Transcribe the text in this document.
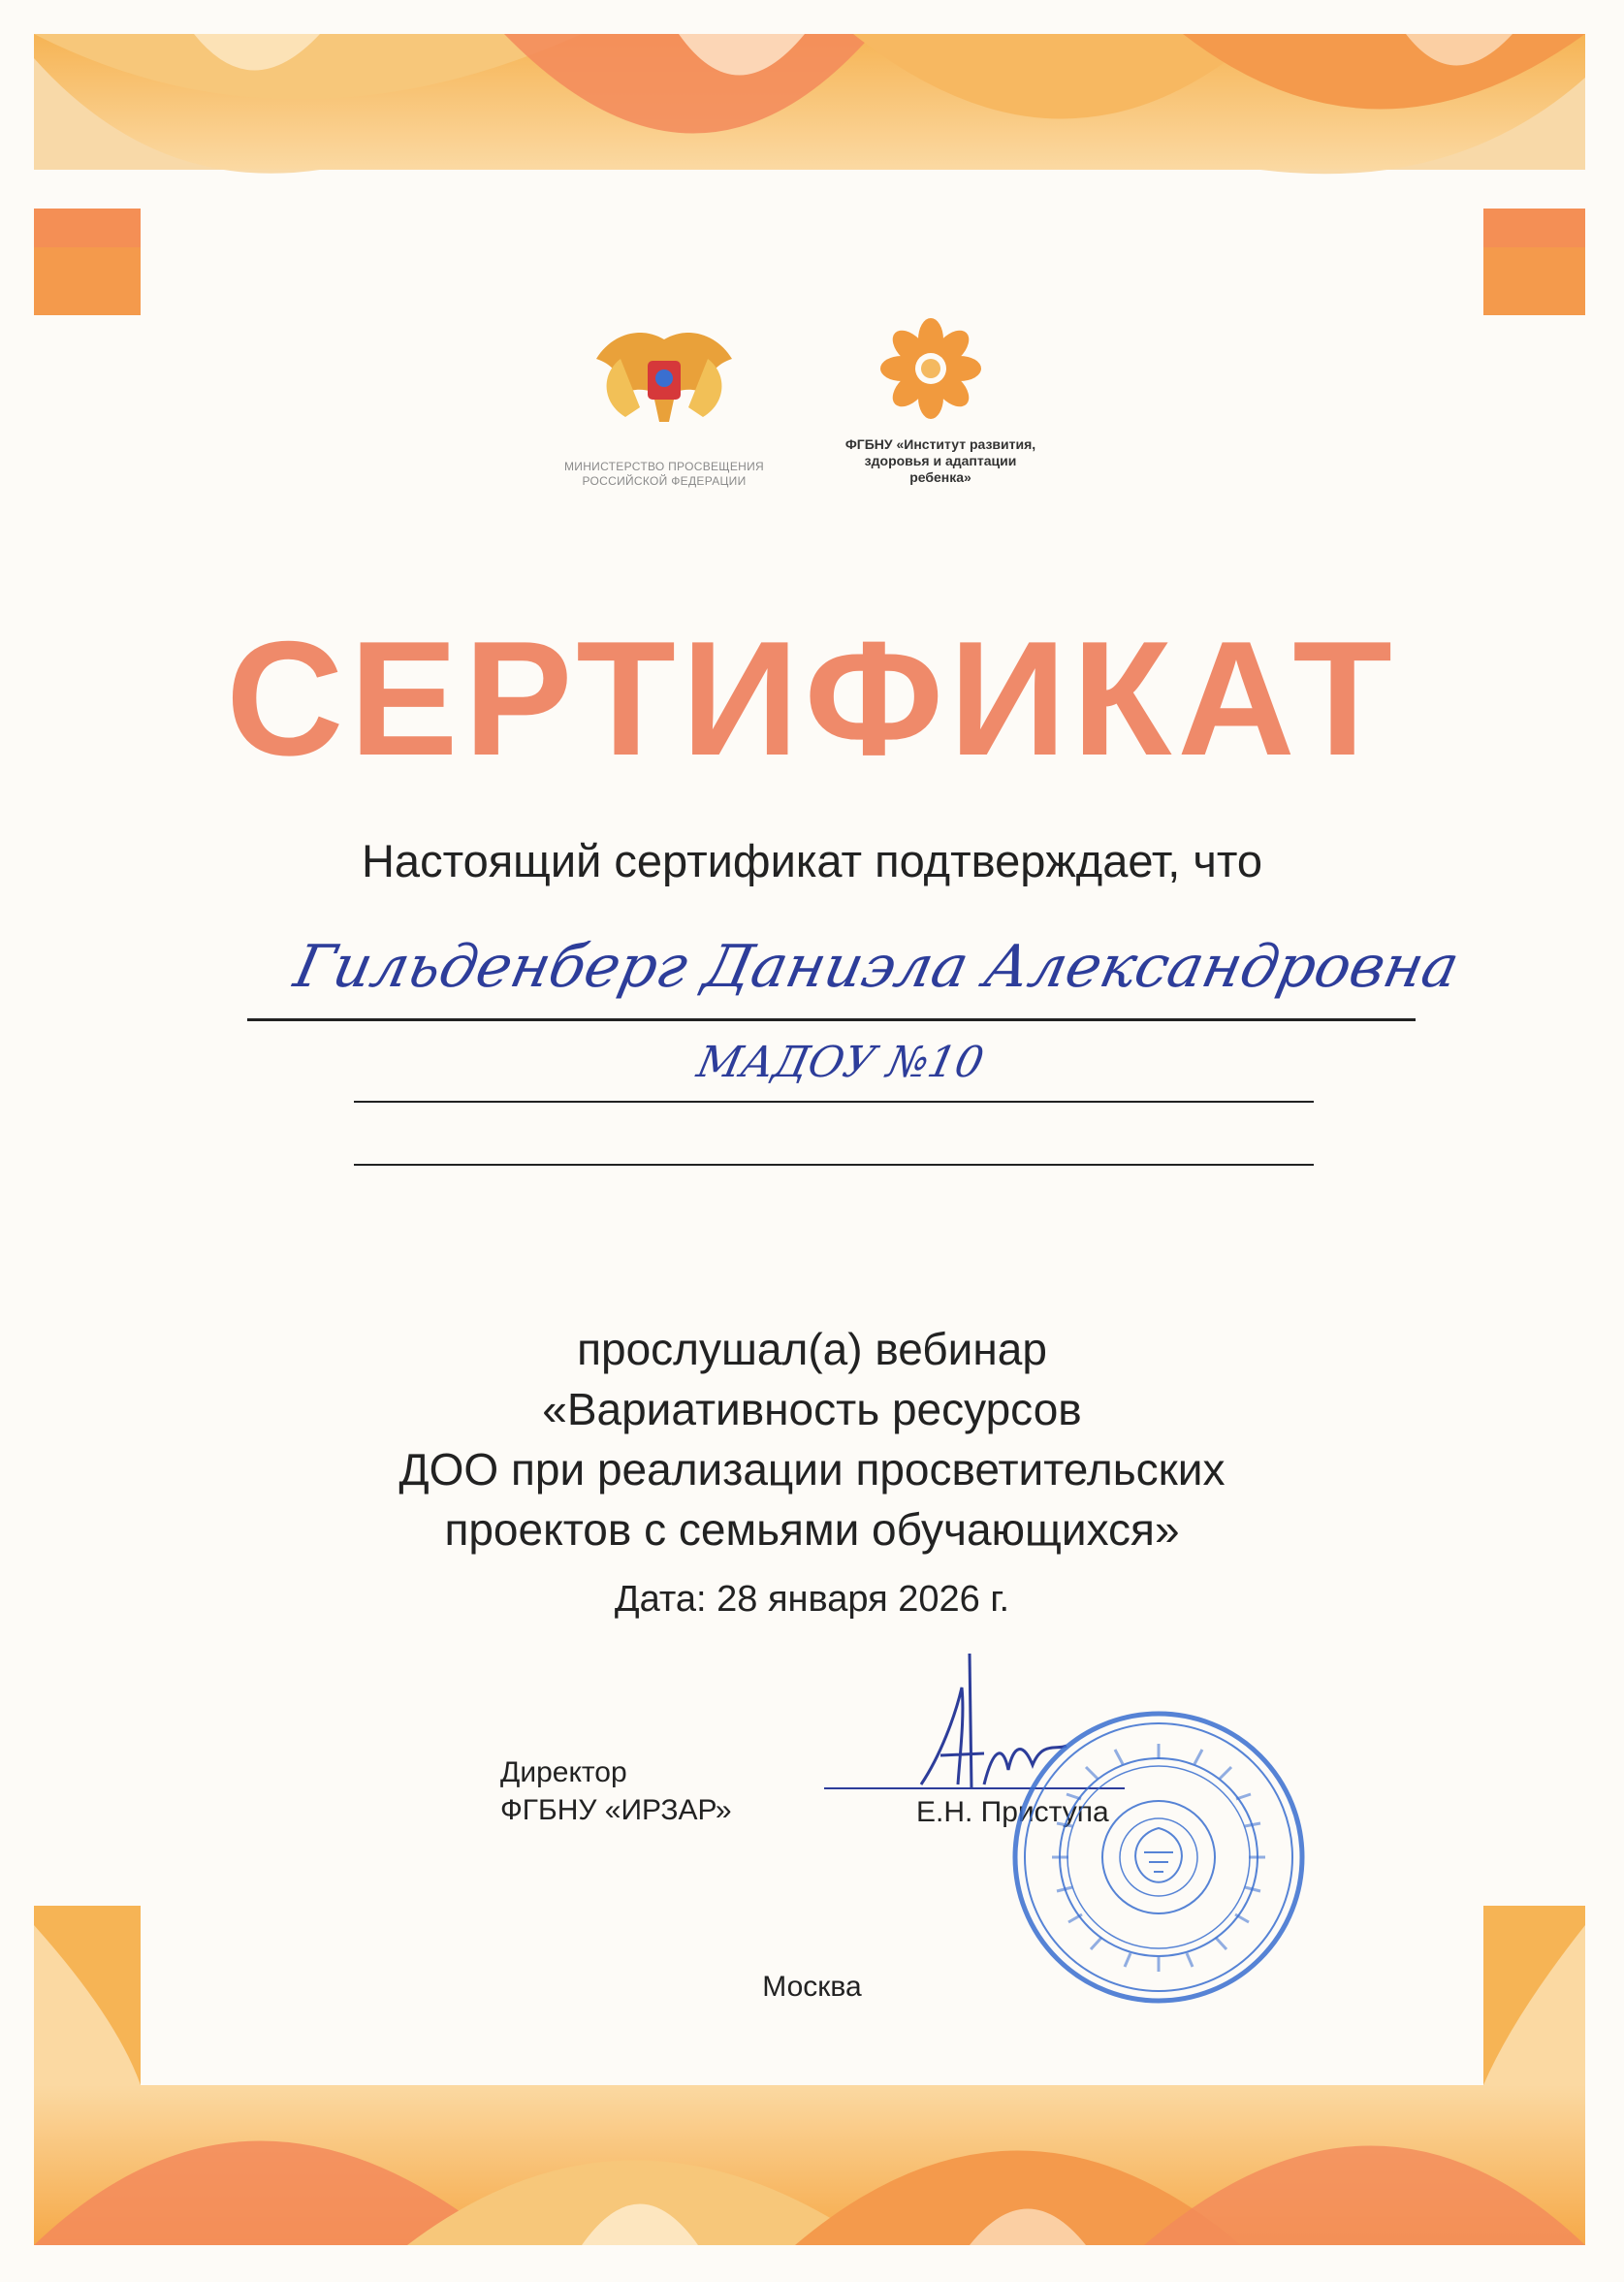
МИНИСТЕРСТВО ПРОСВЕЩЕНИЯ
РОССИЙСКОЙ ФЕДЕРАЦИИ
ФГБНУ «Институт развития,
здоровья и адаптации
ребенка»
СЕРТИФИКАТ
Настоящий сертификат подтверждает, что
Гильденберг Даниэла Александровна
МАДОУ №10
прослушал(а) вебинар
«Вариативность ресурсов
ДОО при реализации просветительских
проектов с семьями обучающихся»
Дата: 28 января 2026 г.
Директор
ФГБНУ «ИРЗАР»	Е.Н. Приступа
Москва
